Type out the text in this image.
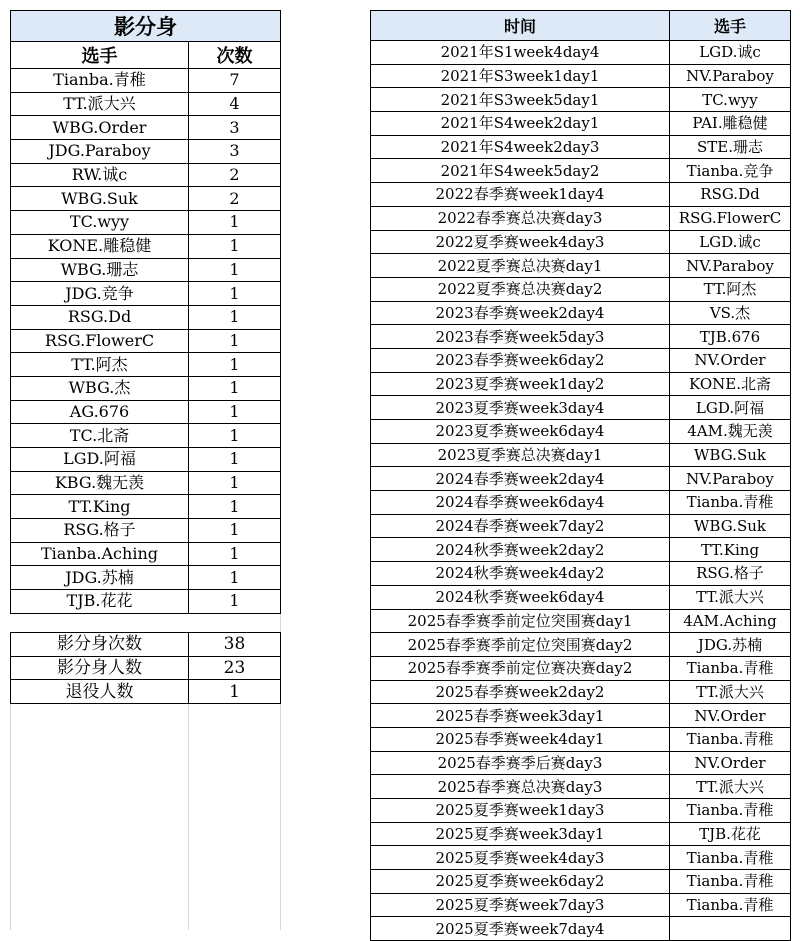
影分身	
选手	次数
Tianba.青稚	7
TT.派大兴	4
WBG.Order	3
JDG.Paraboy	3
RW.诚c	2
WBG.Suk	2
TC.wyy	1
KONE.雕稳健	1
WBG.珊志	1
JDG.竞争	1
RSG.Dd	1
RSG.FlowerC	1
TT.阿杰	1
WBG.杰	1
AG.676	1
TC.北斋	1
LGD.阿福	1
KBG.魏无羡	1
TT.King	1
RSG.格子	1
Tianba.Aching	1
JDG.苏楠	1
TJB.花花	1
影分身次数	38
影分身人数	23
退役人数	1
时间	选手
2021年S1week4day4	LGD.诚c
2021年S3week1day1	NV.Paraboy
2021年S3week5day1	TC.wyy
2021年S4week2day1	PAI.雕稳健
2021年S4week2day3	STE.珊志
2021年S4week5day2	Tianba.竞争
2022春季赛week1day4	RSG.Dd
2022春季赛总决赛day3	RSG.FlowerC
2022夏季赛week4day3	LGD.诚c
2022夏季赛总决赛day1	NV.Paraboy
2022夏季赛总决赛day2	TT.阿杰
2023春季赛week2day4	VS.杰
2023春季赛week5day3	TJB.676
2023春季赛week6day2	NV.Order
2023夏季赛week1day2	KONE.北斋
2023夏季赛week3day4	LGD.阿福
2023夏季赛week6day4	4AM.魏无羡
2023夏季赛总决赛day1	WBG.Suk
2024春季赛week2day4	NV.Paraboy
2024春季赛week6day4	Tianba.青稚
2024春季赛week7day2	WBG.Suk
2024秋季赛week2day2	TT.King
2024秋季赛week4day2	RSG.格子
2024秋季赛week6day4	TT.派大兴
2025春季赛季前定位突围赛day1	4AM.Aching
2025春季赛季前定位突围赛day2	JDG.苏楠
2025春季赛季前定位赛决赛day2	Tianba.青稚
2025春季赛week2day2	TT.派大兴
2025春季赛week3day1	NV.Order
2025春季赛week4day1	Tianba.青稚
2025春季赛季后赛day3	NV.Order
2025春季赛总决赛day3	TT.派大兴
2025夏季赛week1day3	Tianba.青稚
2025夏季赛week3day1	TJB.花花
2025夏季赛week4day3	Tianba.青稚
2025夏季赛week6day2	Tianba.青稚
2025夏季赛week7day3	Tianba.青稚
2025夏季赛week7day4	
